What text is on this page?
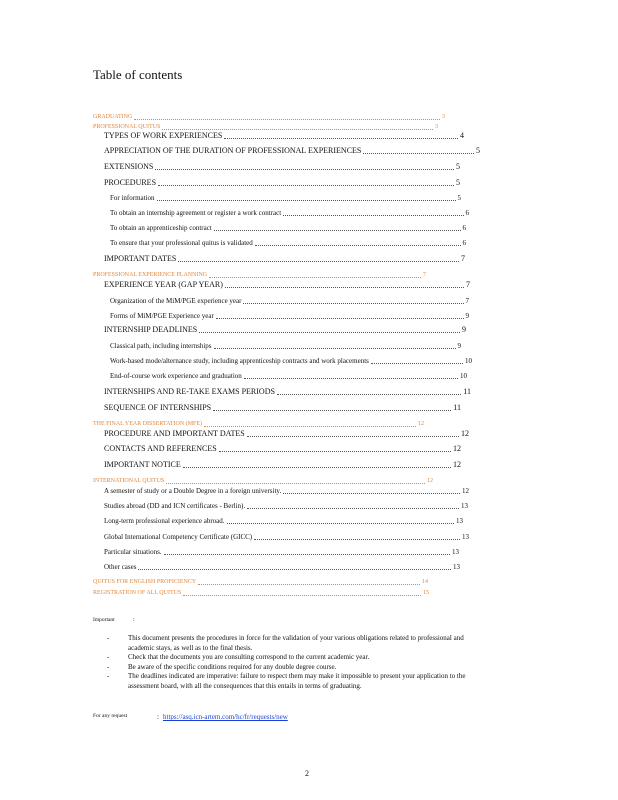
Table of contents
GRADUATING	3
PROFESSIONAL QUITUS	3
TYPES OF WORK EXPERIENCES	4
APPRECIATION OF THE DURATION OF PROFESSIONAL EXPERIENCES	5
EXTENSIONS	5
PROCEDURES	5
For information	5
To obtain an internship agreement or register a work contract	6
To obtain an apprenticeship contract	6
To ensure that your professional quitus is validated	6
IMPORTANT DATES	7
PROFESSIONAL EXPERIENCE PLANNING	7
EXPERIENCE YEAR (GAP YEAR)	7
Organization of the MiM/PGE experience year	7
Forms of MiM/PGE Experience year	9
INTERNSHIP DEADLINES	9
Classical path, including internships	9
Work-based mode/alternance study, including apprenticeship contracts and work placements	10
End-of-course work experience and graduation	10
INTERNSHIPS AND RE-TAKE EXAMS PERIODS	11
SEQUENCE OF INTERNSHIPS	11
THE FINAL YEAR DISSERTATION (MFE)	12
PROCEDURE AND IMPORTANT DATES	12
CONTACTS AND REFERENCES	12
IMPORTANT NOTICE	12
INTERNATIONAL QUITUS	12
A semester of study or a Double Degree in a foreign university.	12
Studies abroad (DD and ICN certificates - Berlin).	13
Long-term professional experience abroad.	13
Global International Competency Certificate (GICC)	13
Particular situations.	13
Other cases	13
QUITUS FOR ENGLISH PROFICIENCY	14
REGISTRATION OF ALL QUITUS	15
Important	:
-	This document presents the procedures in force for the validation of your various obligations related to professional and academic stays, as well as to the final thesis.
-	Check that the documents you are consulting correspond to the current academic year.
-	Be aware of the specific conditions required for any double degree course.
-	The deadlines indicated are imperative: failure to respect them may make it impossible to present your application to the assessment board, with all the consequences that this entails in terms of graduating.
For any request	: https://asq.icn-artem.com/hc/fr/requests/new
2
